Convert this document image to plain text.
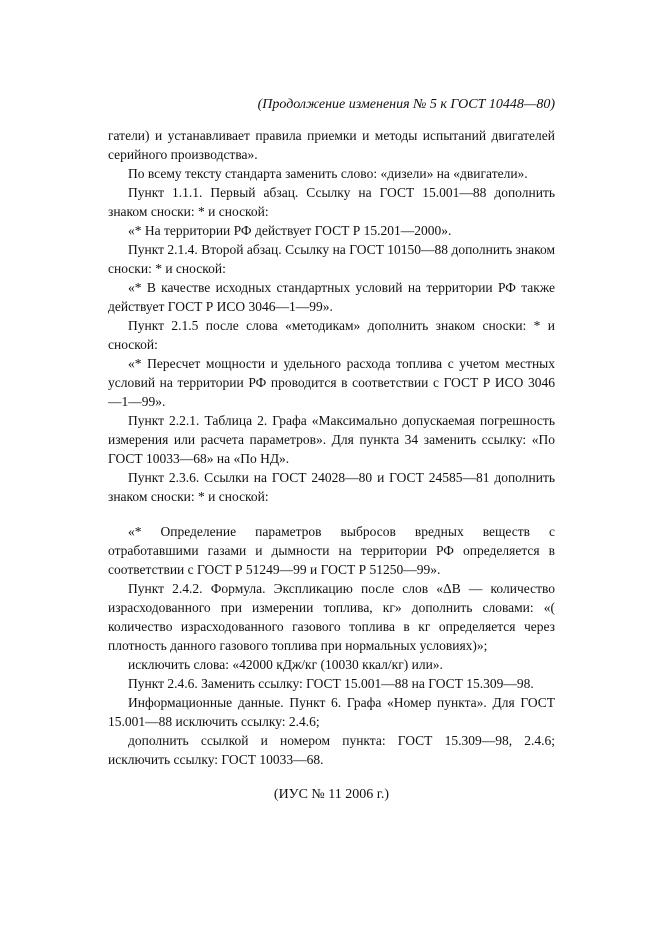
(Продолжение изменения № 5 к ГОСТ 10448—80)

гатели) и устанавливает правила приемки и методы испытаний двигателей серийного производства».

По всему тексту стандарта заменить слово: «дизели» на «двигатели».

Пункт 1.1.1. Первый абзац. Ссылку на ГОСТ 15.001—88 дополнить знаком сноски: * и сноской:

«* На территории РФ действует ГОСТ Р 15.201—2000».

Пункт 2.1.4. Второй абзац. Ссылку на ГОСТ 10150—88 дополнить знаком сноски: * и сноской:

«* В качестве исходных стандартных условий на территории РФ также действует ГОСТ Р ИСО 3046—1—99».

Пункт 2.1.5 после слова «методикам» дополнить знаком сноски: * и сноской:

«* Пересчет мощности и удельного расхода топлива с учетом местных условий на территории РФ проводится в соответствии с ГОСТ Р ИСО 3046—1—99».

Пункт 2.2.1. Таблица 2. Графа «Максимально допускаемая погрешность измерения или расчета параметров». Для пункта 34 заменить ссылку: «По ГОСТ 10033—68» на «По НД».

Пункт 2.3.6. Ссылки на ГОСТ 24028—80 и ГОСТ 24585—81 дополнить знаком сноски: * и сноской:

«* Определение параметров выбросов вредных веществ с отработавшими газами и дымности на территории РФ определяется в соответствии с ГОСТ Р 51249—99 и ГОСТ Р 51250—99».

Пункт 2.4.2. Формула. Экспликацию после слов «ΔB — количество израсходованного при измерении топлива, кг» дополнить словами: «( количество израсходованного газового топлива в кг определяется через плотность данного газового топлива при нормальных условиях)»;

исключить слова: «42000 кДж/кг (10030 ккал/кг) или».

Пункт 2.4.6. Заменить ссылку: ГОСТ 15.001—88 на ГОСТ 15.309—98.

Информационные данные. Пункт 6. Графа «Номер пункта». Для ГОСТ 15.001—88 исключить ссылку: 2.4.6;

дополнить ссылкой и номером пункта: ГОСТ 15.309—98, 2.4.6; исключить ссылку: ГОСТ 10033—68.

(ИУС № 11 2006 г.)
